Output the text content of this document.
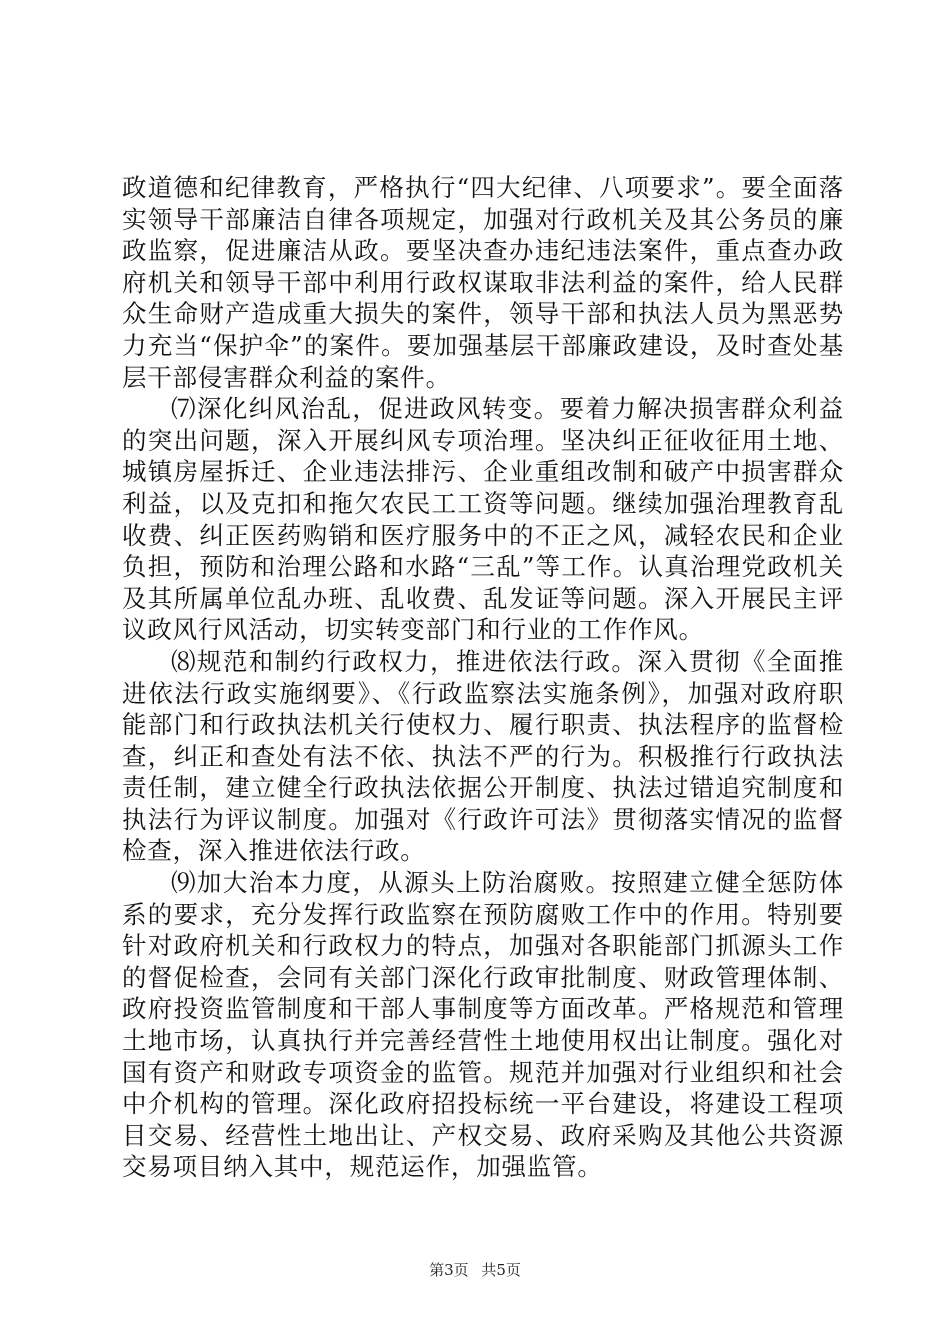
政道德和纪律教育，严格执行“四大纪律、八项要求”。要全面落实领导干部廉洁自律各项规定，加强对行政机关及其公务员的廉政监察，促进廉洁从政。要坚决查办违纪违法案件，重点查办政府机关和领导干部中利用行政权谋取非法利益的案件，给人民群众生命财产造成重大损失的案件，领导干部和执法人员为黑恶势力充当“保护伞”的案件。要加强基层干部廉政建设，及时查处基层干部侵害群众利益的案件。

⑺深化纠风治乱，促进政风转变。要着力解决损害群众利益的突出问题，深入开展纠风专项治理。坚决纠正征收征用土地、城镇房屋拆迁、企业违法排污、企业重组改制和破产中损害群众利益，以及克扣和拖欠农民工工资等问题。继续加强治理教育乱收费、纠正医药购销和医疗服务中的不正之风，减轻农民和企业负担，预防和治理公路和水路“三乱”等工作。认真治理党政机关及其所属单位乱办班、乱收费、乱发证等问题。深入开展民主评议政风行风活动，切实转变部门和行业的工作作风。

⑻规范和制约行政权力，推进依法行政。深入贯彻《全面推进依法行政实施纲要》、《行政监察法实施条例》，加强对政府职能部门和行政执法机关行使权力、履行职责、执法程序的监督检查，纠正和查处有法不依、执法不严的行为。积极推行行政执法责任制，建立健全行政执法依据公开制度、执法过错追究制度和执法行为评议制度。加强对《行政许可法》贯彻落实情况的监督检查，深入推进依法行政。

⑼加大治本力度，从源头上防治腐败。按照建立健全惩防体系的要求，充分发挥行政监察在预防腐败工作中的作用。特别要针对政府机关和行政权力的特点，加强对各职能部门抓源头工作的督促检查，会同有关部门深化行政审批制度、财政管理体制、政府投资监管制度和干部人事制度等方面改革。严格规范和管理土地市场，认真执行并完善经营性土地使用权出让制度。强化对国有资产和财政专项资金的监管。规范并加强对行业组织和社会中介机构的管理。深化政府招投标统一平台建设，将建设工程项目交易、经营性土地出让、产权交易、政府采购及其他公共资源交易项目纳入其中，规范运作，加强监管。

第3页 共5页
